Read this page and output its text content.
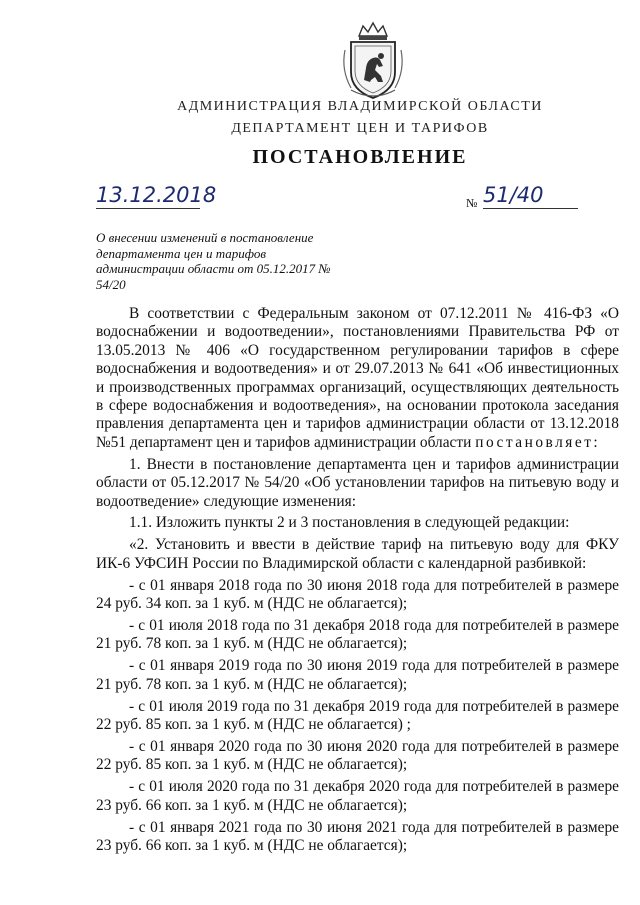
АДМИНИСТРАЦИЯ ВЛАДИМИРСКОЙ ОБЛАСТИ
ДЕПАРТАМЕНТ ЦЕН И ТАРИФОВ
ПОСТАНОВЛЕНИЕ
13.12.2018	№ 51/40
О внесении изменений в постановление департамента цен и тарифов администрации области от 05.12.2017 № 54/20

В соответствии с Федеральным законом от 07.12.2011 № 416-ФЗ «О водоснабжении и водоотведении», постановлениями Правительства РФ от 13.05.2013 № 406 «О государственном регулировании тарифов в сфере водоснабжения и водоотведения» и от 29.07.2013 № 641 «Об инвестиционных и производственных программах организаций, осуществляющих деятельность в сфере водоснабжения и водоотведения», на основании протокола заседания правления департамента цен и тарифов администрации области от 13.12.2018 №51 департамент цен и тарифов администрации области постановляет:

1. Внести в постановление департамента цен и тарифов администрации области от 05.12.2017 № 54/20 «Об установлении тарифов на питьевую воду и водоотведение» следующие изменения:

1.1. Изложить пункты 2 и 3 постановления в следующей редакции:

«2. Установить и ввести в действие тариф на питьевую воду для ФКУ ИК-6 УФСИН России по Владимирской области с календарной разбивкой:

- с 01 января 2018 года по 30 июня 2018 года для потребителей в размере 24 руб. 34 коп. за 1 куб. м (НДС не облагается);

- с 01 июля 2018 года по 31 декабря 2018 года для потребителей в размере 21 руб. 78 коп. за 1 куб. м (НДС не облагается);

- с 01 января 2019 года по 30 июня 2019 года для потребителей в размере 21 руб. 78 коп. за 1 куб. м (НДС не облагается);

- с 01 июля 2019 года по 31 декабря 2019 года для потребителей в размере 22 руб. 85 коп. за 1 куб. м (НДС не облагается) ;

- с 01 января 2020 года по 30 июня 2020 года для потребителей в размере 22 руб. 85 коп. за 1 куб. м (НДС не облагается);

- с 01 июля 2020 года по 31 декабря 2020 года для потребителей в размере 23 руб. 66 коп. за 1 куб. м (НДС не облагается);

- с 01 января 2021 года по 30 июня 2021 года для потребителей в размере 23 руб. 66 коп. за 1 куб. м (НДС не облагается);
